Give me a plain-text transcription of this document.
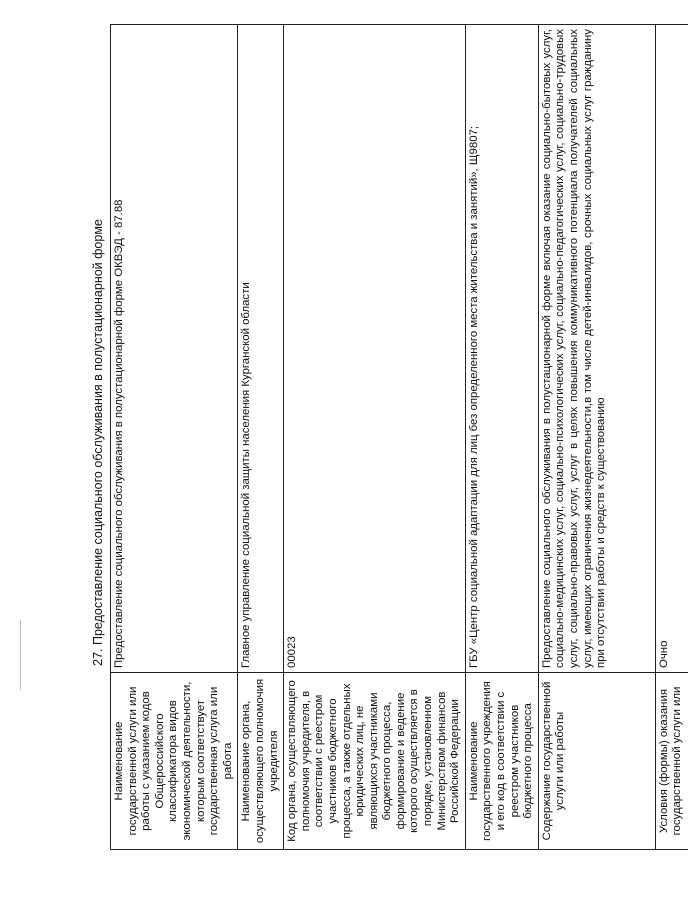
27. Предоставление социального обслуживания в полустационарной форме
Наименование государственной услуги или работы с указанием кодов Общероссийского классификатора видов экономической деятельности, которым соответствует государственная услуга или работа	Предоставление социального обслуживания в полустационарной форме ОКВЭД - 87.88
Наименование органа, осуществляющего полномочия учредителя	Главное управление социальной защиты населения Курганской области
Код органа, осуществляющего полномочия учредителя, в соответствии с реестром участников бюджетного процесса, а также отдельных юридических лиц, не являющихся участниками бюджетного процесса, формирование и ведение которого осуществляется в порядке, установленном Министерством финансов Российской Федерации	00023
Наименование государственного учреждения и его код в соответствии с реестром участников бюджетного процесса	ГБУ «Центр социальной адаптации для лиц без определенного места жительства и занятий», Щ9807;
Содержание государственной услуги или работы	Предоставление социального обслуживания в полустационарной форме включая оказание социально-бытовых услуг, социально-медицинских услуг, социально-психологических услуг, социально-педагогических услуг, социально-трудовых услуг, социально-правовых услуг, услуг в целях повышения коммуникативного потенциала получателей социальных услуг, имеющих ограничения жизнедеятельности,в том числе детей-инвалидов, срочных социальных услуг гражданину при отсутствии работы и средств к существованию
Условия (формы) оказания государственной услуги или	Очно
